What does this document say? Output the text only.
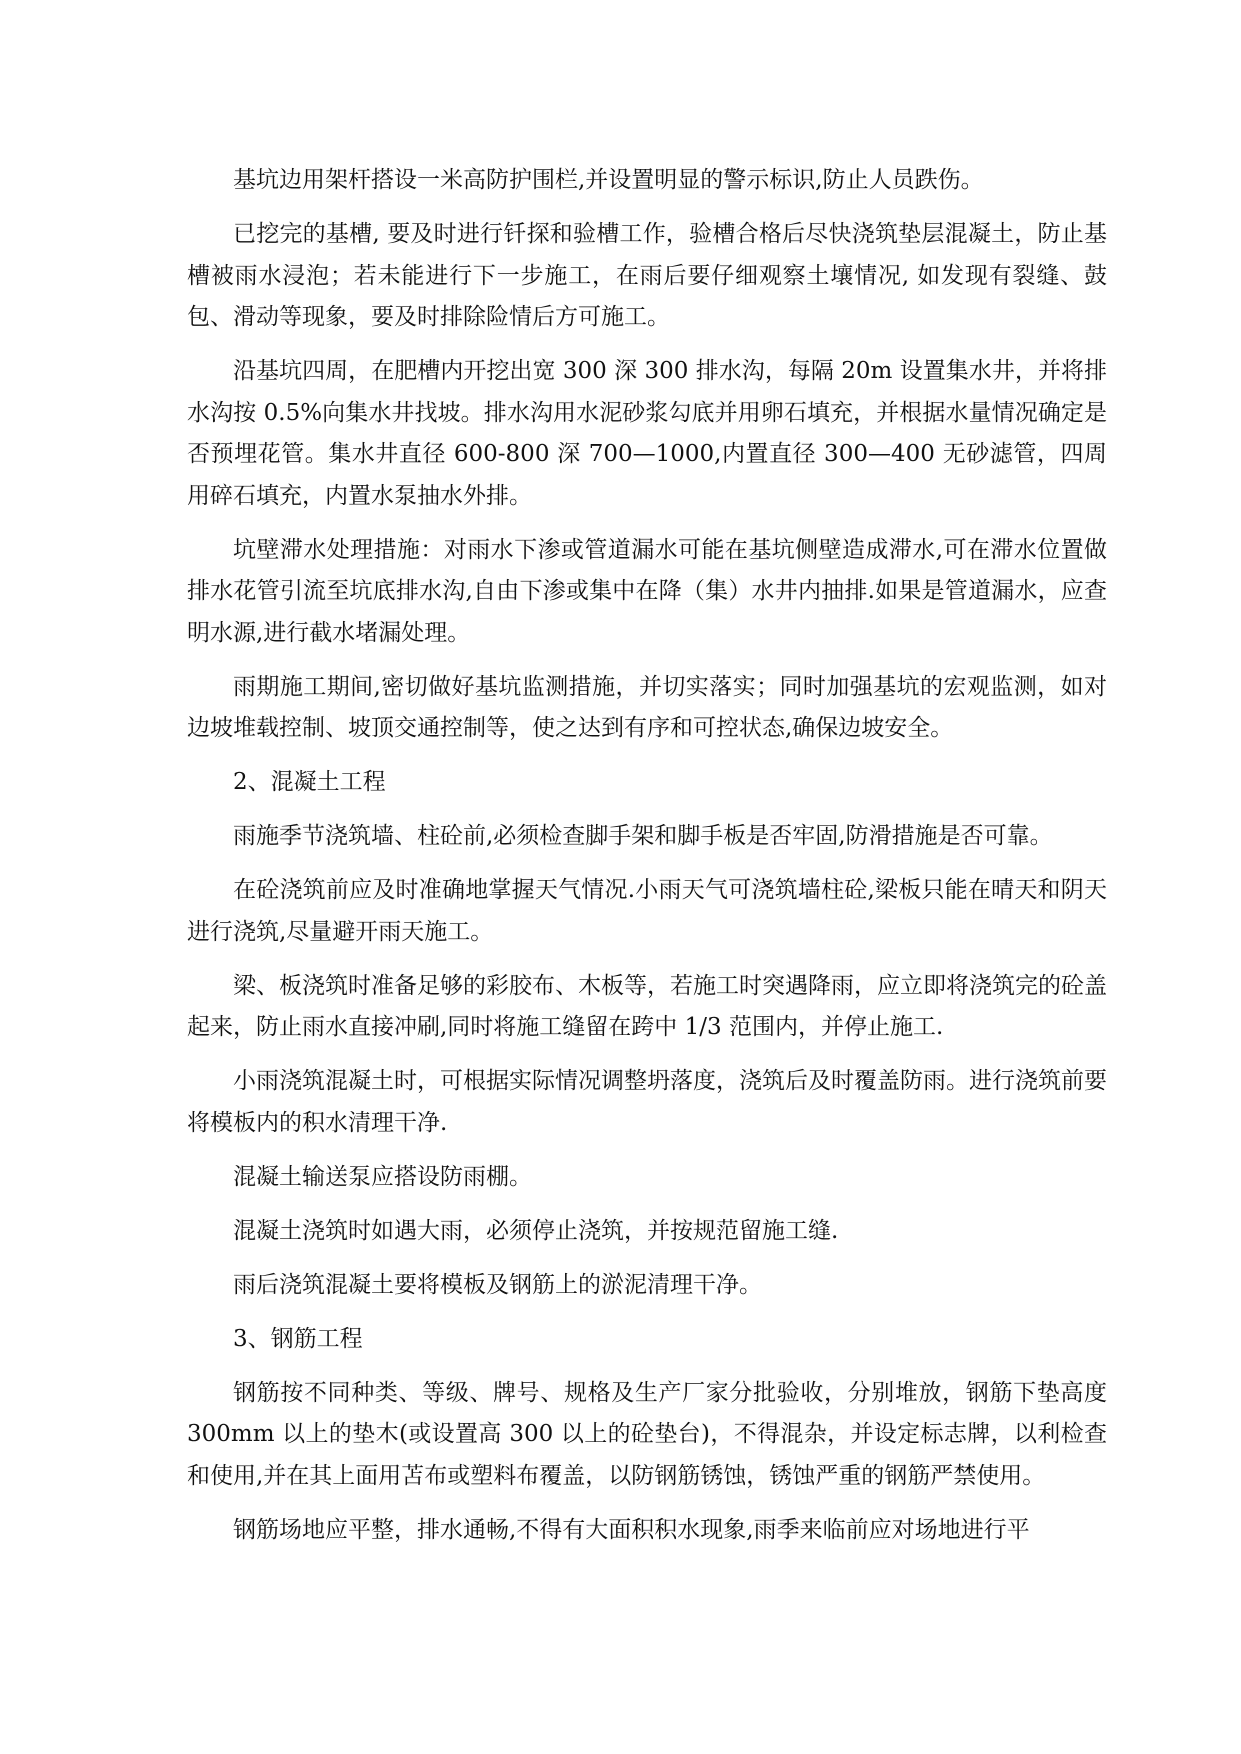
基坑边用架杆搭设一米高防护围栏,并设置明显的警示标识,防止人员跌伤。

已挖完的基槽, 要及时进行钎探和验槽工作，验槽合格后尽快浇筑垫层混凝土，防止基槽被雨水浸泡；若未能进行下一步施工，在雨后要仔细观察土壤情况, 如发现有裂缝、鼓包、滑动等现象，要及时排除险情后方可施工。

沿基坑四周，在肥槽内开挖出宽 300 深 300 排水沟，每隔 20m 设置集水井，并将排水沟按 0.5%向集水井找坡。排水沟用水泥砂浆勾底并用卵石填充，并根据水量情况确定是否预埋花管。集水井直径 600-800 深 700—1000,内置直径 300—400 无砂滤管，四周用碎石填充，内置水泵抽水外排。

坑壁滞水处理措施：对雨水下渗或管道漏水可能在基坑侧壁造成滞水,可在滞水位置做排水花管引流至坑底排水沟,自由下渗或集中在降（集）水井内抽排.如果是管道漏水，应查明水源,进行截水堵漏处理。

雨期施工期间,密切做好基坑监测措施，并切实落实；同时加强基坑的宏观监测，如对边坡堆载控制、坡顶交通控制等，使之达到有序和可控状态,确保边坡安全。

2、混凝土工程

雨施季节浇筑墙、柱砼前,必须检查脚手架和脚手板是否牢固,防滑措施是否可靠。

在砼浇筑前应及时准确地掌握天气情况.小雨天气可浇筑墙柱砼,梁板只能在晴天和阴天进行浇筑,尽量避开雨天施工。

梁、板浇筑时准备足够的彩胶布、木板等，若施工时突遇降雨，应立即将浇筑完的砼盖起来，防止雨水直接冲刷,同时将施工缝留在跨中 1/3 范围内，并停止施工.

小雨浇筑混凝土时，可根据实际情况调整坍落度，浇筑后及时覆盖防雨。进行浇筑前要将模板内的积水清理干净.

混凝土输送泵应搭设防雨棚。

混凝土浇筑时如遇大雨，必须停止浇筑，并按规范留施工缝.

雨后浇筑混凝土要将模板及钢筋上的淤泥清理干净。

3、钢筋工程

钢筋按不同种类、等级、牌号、规格及生产厂家分批验收，分别堆放，钢筋下垫高度 300mm 以上的垫木(或设置高 300 以上的砼垫台)，不得混杂，并设定标志牌，以利检查和使用,并在其上面用苫布或塑料布覆盖，以防钢筋锈蚀，锈蚀严重的钢筋严禁使用。

钢筋场地应平整，排水通畅,不得有大面积积水现象,雨季来临前应对场地进行平
